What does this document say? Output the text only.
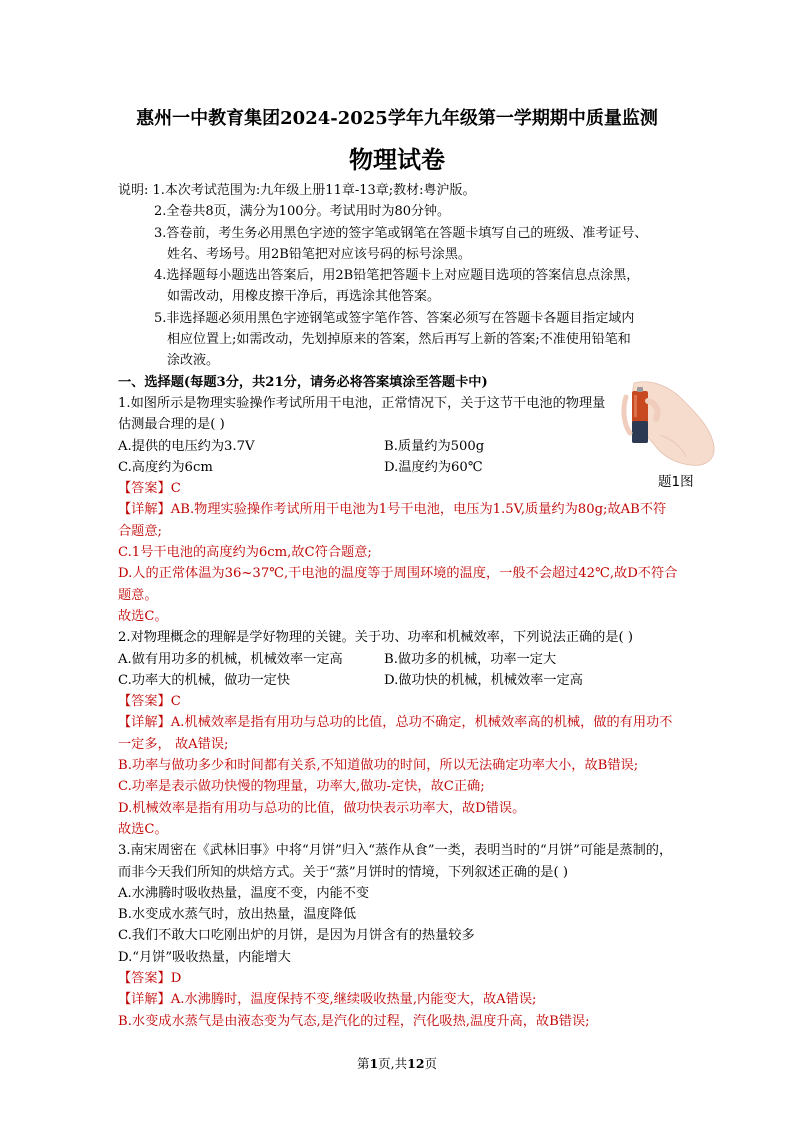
惠州一中教育集团2024-2025学年九年级第一学期期中质量监测
物理试卷
题1图

说明: 1.本次考试范围为:九年级上册11章-13章;教材:粤沪版。

2.全卷共8页，满分为100分。考试用时为80分钟。

3.答卷前，考生务必用黑色字迹的签字笔或钢笔在答题卡填写自己的班级、准考证号、

姓名、考场号。用2B铅笔把对应该号码的标号涂黑。

4.选择题每小题选出答案后，用2B铅笔把答题卡上对应题目选项的答案信息点涂黑，

如需改动，用橡皮擦干净后，再选涂其他答案。

5.非选择题必须用黑色字迹钢笔或签字笔作答、答案必须写在答题卡各题目指定域内

相应位置上;如需改动，先划掉原来的答案，然后再写上新的答案;不准使用铅笔和

涂改液。

一、选择题(每题3分，共21分，请务必将答案填涂至答题卡中)

1.如图所示是物理实验操作考试所用干电池，正常情况下，关于这节干电池的物理量估测最合理的是( )

A.提供的电压约为3.7V	B.质量约为500g
C.高度约为6cm	D.温度约为60℃

【答案】C

【详解】AB.物理实验操作考试所用干电池为1号干电池，电压为1.5V,质量约为80g;故AB不符合题意;

C.1号干电池的高度约为6cm,故C符合题意;

D.人的正常体温为36~37℃,干电池的温度等于周围环境的温度，一般不会超过42℃,故D不符合题意。

故选C。

2.对物理概念的理解是学好物理的关键。关于功、功率和机械效率，下列说法正确的是( )

A.做有用功多的机械，机械效率一定高	B.做功多的机械，功率一定大
C.功率大的机械，做功一定快	D.做功快的机械，机械效率一定高

【答案】C

【详解】A.机械效率是指有用功与总功的比值，总功不确定，机械效率高的机械，做的有用功不一定多， 故A错误;

B.功率与做功多少和时间都有关系,不知道做功的时间，所以无法确定功率大小，故B错误;

C.功率是表示做功快慢的物理量，功率大,做功-定快，故C正确;

D.机械效率是指有用功与总功的比值，做功快表示功率大，故D错误。

故选C。

3.南宋周密在《武林旧事》中将“月饼”归入“蒸作从食”一类，表明当时的“月饼”可能是蒸制的，而非今天我们所知的烘焙方式。关于“蒸”月饼时的情境，下列叙述正确的是( )

A.水沸腾时吸收热量，温度不变，内能不变

B.水变成水蒸气时，放出热量，温度降低

C.我们不敢大口吃刚出炉的月饼，是因为月饼含有的热量较多

D.“月饼”吸收热量，内能增大

【答案】D

【详解】A.水沸腾时，温度保持不变,继续吸收热量,内能变大，故A错误;

B.水变成水蒸气是由液态变为气态,是汽化的过程，汽化吸热,温度升高，故B错误;

第1页,共12页
